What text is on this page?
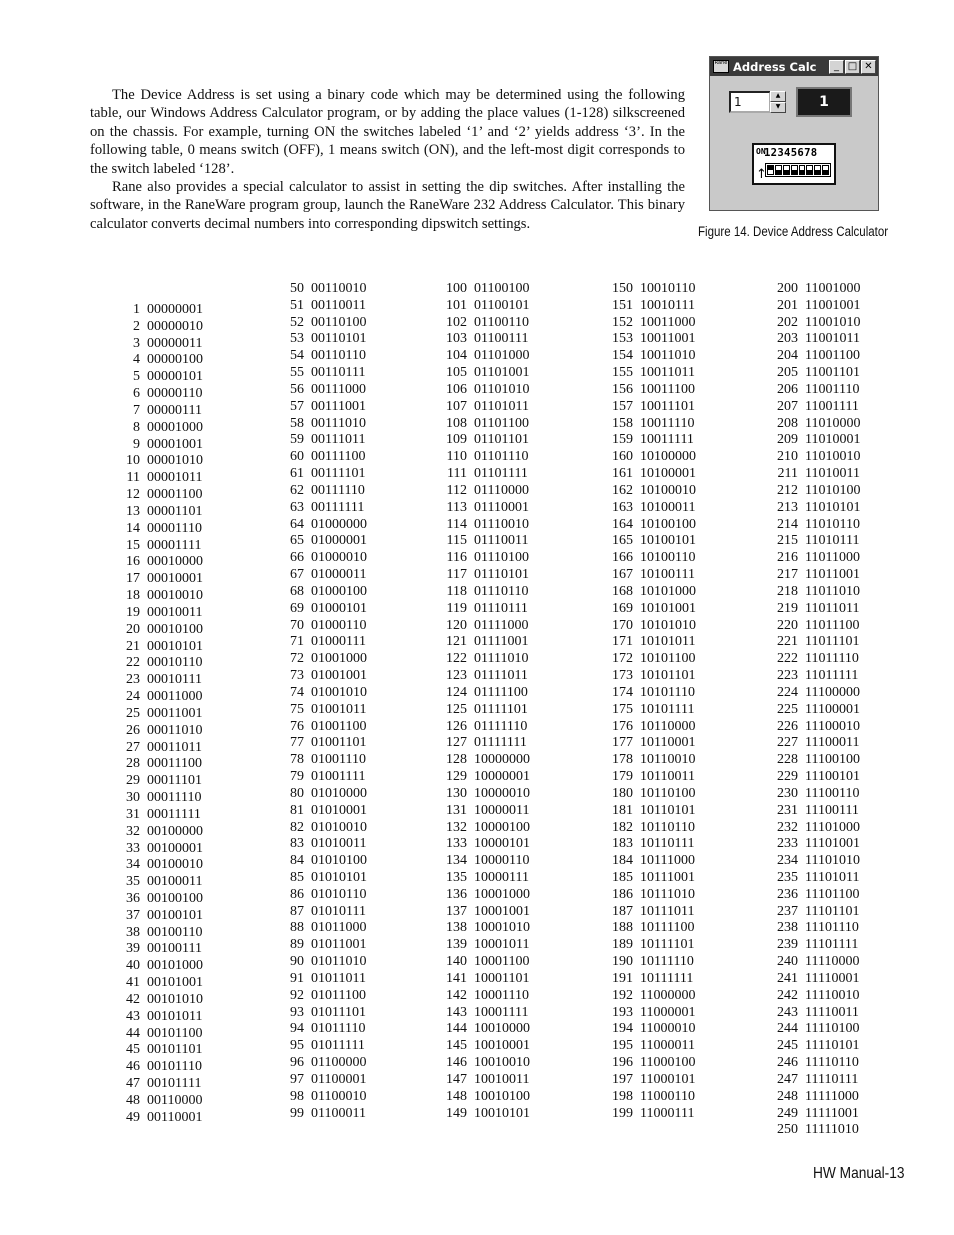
The Device Address is set using a binary code which may be determined using the following table, our Windows Address Calculator program, or by adding the place values (1-128) silkscreened on the chassis. For example, turning ON the switches labeled ‘1’ and ‘2’ yields address ‘3’. In the following table, 0 means switch (OFF), 1 means switch (ON), and the left-most digit corresponds to the switch labeled ‘128’.

Rane also provides a special calculator to assist in setting the dip switches. After installing the software, in the RaneWare program group, launch the RaneWare 232 Address Calculator. This binary calculator converts decimal numbers into corresponding dipswitch settings.

Rane Address Calc	_ □ ✕
1	▲
▼	1
ON
↑
12345678
Figure 14. Device Address Calculator
1 00000001
2 00000010
3 00000011
4 00000100
5 00000101
6 00000110
7 00000111
8 00001000
9 00001001
10 00001010
11 00001011
12 00001100
13 00001101
14 00001110
15 00001111
16 00010000
17 00010001
18 00010010
19 00010011
20 00010100
21 00010101
22 00010110
23 00010111
24 00011000
25 00011001
26 00011010
27 00011011
28 00011100
29 00011101
30 00011110
31 00011111
32 00100000
33 00100001
34 00100010
35 00100011
36 00100100
37 00100101
38 00100110
39 00100111
40 00101000
41 00101001
42 00101010
43 00101011
44 00101100
45 00101101
46 00101110
47 00101111
48 00110000
49 00110001
50 00110010
51 00110011
52 00110100
53 00110101
54 00110110
55 00110111
56 00111000
57 00111001
58 00111010
59 00111011
60 00111100
61 00111101
62 00111110
63 00111111
64 01000000
65 01000001
66 01000010
67 01000011
68 01000100
69 01000101
70 01000110
71 01000111
72 01001000
73 01001001
74 01001010
75 01001011
76 01001100
77 01001101
78 01001110
79 01001111
80 01010000
81 01010001
82 01010010
83 01010011
84 01010100
85 01010101
86 01010110
87 01010111
88 01011000
89 01011001
90 01011010
91 01011011
92 01011100
93 01011101
94 01011110
95 01011111
96 01100000
97 01100001
98 01100010
99 01100011
100 01100100
101 01100101
102 01100110
103 01100111
104 01101000
105 01101001
106 01101010
107 01101011
108 01101100
109 01101101
110 01101110
111 01101111
112 01110000
113 01110001
114 01110010
115 01110011
116 01110100
117 01110101
118 01110110
119 01110111
120 01111000
121 01111001
122 01111010
123 01111011
124 01111100
125 01111101
126 01111110
127 01111111
128 10000000
129 10000001
130 10000010
131 10000011
132 10000100
133 10000101
134 10000110
135 10000111
136 10001000
137 10001001
138 10001010
139 10001011
140 10001100
141 10001101
142 10001110
143 10001111
144 10010000
145 10010001
146 10010010
147 10010011
148 10010100
149 10010101
150 10010110
151 10010111
152 10011000
153 10011001
154 10011010
155 10011011
156 10011100
157 10011101
158 10011110
159 10011111
160 10100000
161 10100001
162 10100010
163 10100011
164 10100100
165 10100101
166 10100110
167 10100111
168 10101000
169 10101001
170 10101010
171 10101011
172 10101100
173 10101101
174 10101110
175 10101111
176 10110000
177 10110001
178 10110010
179 10110011
180 10110100
181 10110101
182 10110110
183 10110111
184 10111000
185 10111001
186 10111010
187 10111011
188 10111100
189 10111101
190 10111110
191 10111111
192 11000000
193 11000001
194 11000010
195 11000011
196 11000100
197 11000101
198 11000110
199 11000111
200 11001000
201 11001001
202 11001010
203 11001011
204 11001100
205 11001101
206 11001110
207 11001111
208 11010000
209 11010001
210 11010010
211 11010011
212 11010100
213 11010101
214 11010110
215 11010111
216 11011000
217 11011001
218 11011010
219 11011011
220 11011100
221 11011101
222 11011110
223 11011111
224 11100000
225 11100001
226 11100010
227 11100011
228 11100100
229 11100101
230 11100110
231 11100111
232 11101000
233 11101001
234 11101010
235 11101011
236 11101100
237 11101101
238 11101110
239 11101111
240 11110000
241 11110001
242 11110010
243 11110011
244 11110100
245 11110101
246 11110110
247 11110111
248 11111000
249 11111001
250 11111010
HW Manual-13
